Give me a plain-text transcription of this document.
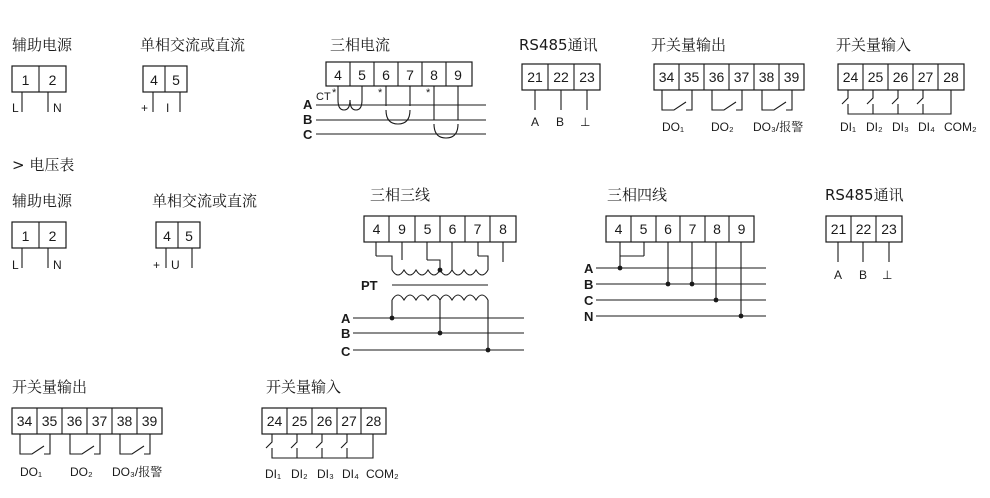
辅助电源
1 2
L	N
单相交流或直流
4 5
+ I
三相电流
4 5 6 7 8 9
CT *	*	*
A
B
C
RS485通讯
21 22 23
A B ⊥
开关量输出
34 35 36 37 38 39
DO₁ DO₂ DO₃/报警
开关量输入
24 25 26 27 28
DI₁ DI₂ DI₃ DI₄ COM₂
> 电压表
辅助电源
1 2
L	N
单相交流或直流
4 5
+ U
三相三线
4 9 5 6 7 8
PT
A
B
C
三相四线
4 5 6 7 8 9
A
B
C
N
RS485通讯
21 22 23
A B ⊥
开关量输出
34 35 36 37 38 39
DO₁ DO₂ DO₃/报警
开关量输入
24 25 26 27 28
DI₁ DI₂ DI₃ DI₄ COM₂
